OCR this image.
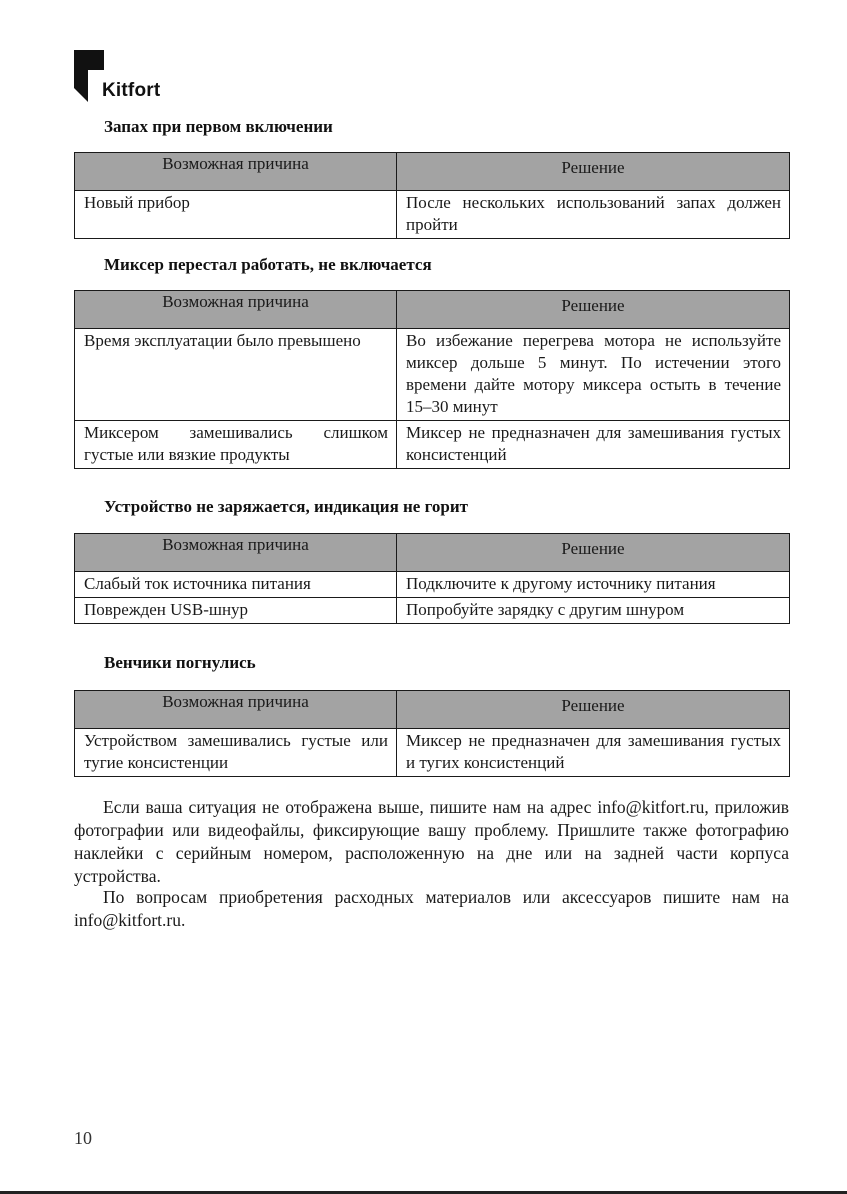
Kitfort
Запах при первом включении
Возможная причина	Решение
Новый прибор	После нескольких использований запах должен пройти
Миксер перестал работать, не включается
Возможная причина	Решение
Время эксплуатации было превышено	Во избежание перегрева мотора не используйте миксер дольше 5 минут. По истечении этого времени дайте мотору миксера остыть в течение 15–30 минут
Миксером замешивались слишком густые или вязкие продукты	Миксер не предназначен для замешивания густых консистенций
Устройство не заряжается, индикация не горит
Возможная причина	Решение
Слабый ток источника питания	Подключите к другому источнику питания
Поврежден USB-шнур	Попробуйте зарядку с другим шнуром
Венчики погнулись
Возможная причина	Решение
Устройством замешивались густые или тугие консистенции	Миксер не предназначен для замешивания густых и тугих консистенций

Если ваша ситуация не отображена выше, пишите нам на адрес info@kitfort.ru, приложив фотографии или видеофайлы, фиксирующие вашу проблему. Пришлите также фотографию наклейки с серийным номером, расположенную на дне или на задней части корпуса устройства.

По вопросам приобретения расходных материалов или аксессуаров пишите нам на info@kitfort.ru.

10
